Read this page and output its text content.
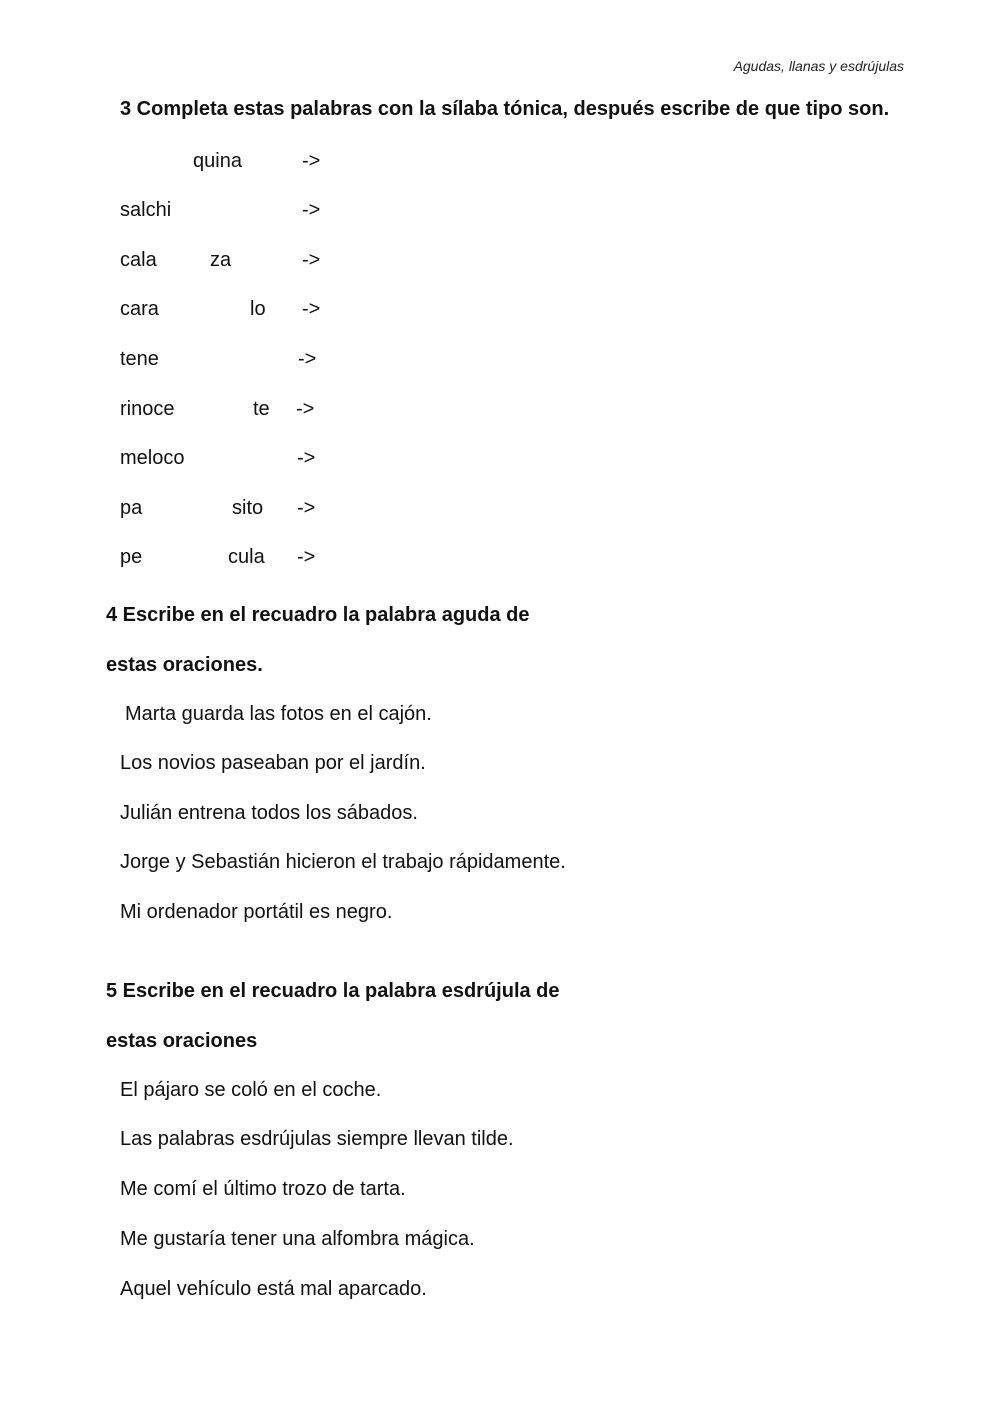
Agudas, llanas y esdrújulas
3 Completa estas palabras con la sílaba tónica, después escribe de que tipo son.
quina	->
salchi	->
cala	za	->
cara	lo ->
tene	->
rinoce	te ->
meloco	->
pa	sito ->
pe	cula ->
4 Escribe en el recuadro la palabra aguda de
estas oraciones.
Marta guarda las fotos en el cajón.
Los novios paseaban por el jardín.
Julián entrena todos los sábados.
Jorge y Sebastián hicieron el trabajo rápidamente.
Mi ordenador portátil es negro.
5 Escribe en el recuadro la palabra esdrújula de
estas oraciones
El pájaro se coló en el coche.
Las palabras esdrújulas siempre llevan tilde.
Me comí el último trozo de tarta.
Me gustaría tener una alfombra mágica.
Aquel vehículo está mal aparcado.
